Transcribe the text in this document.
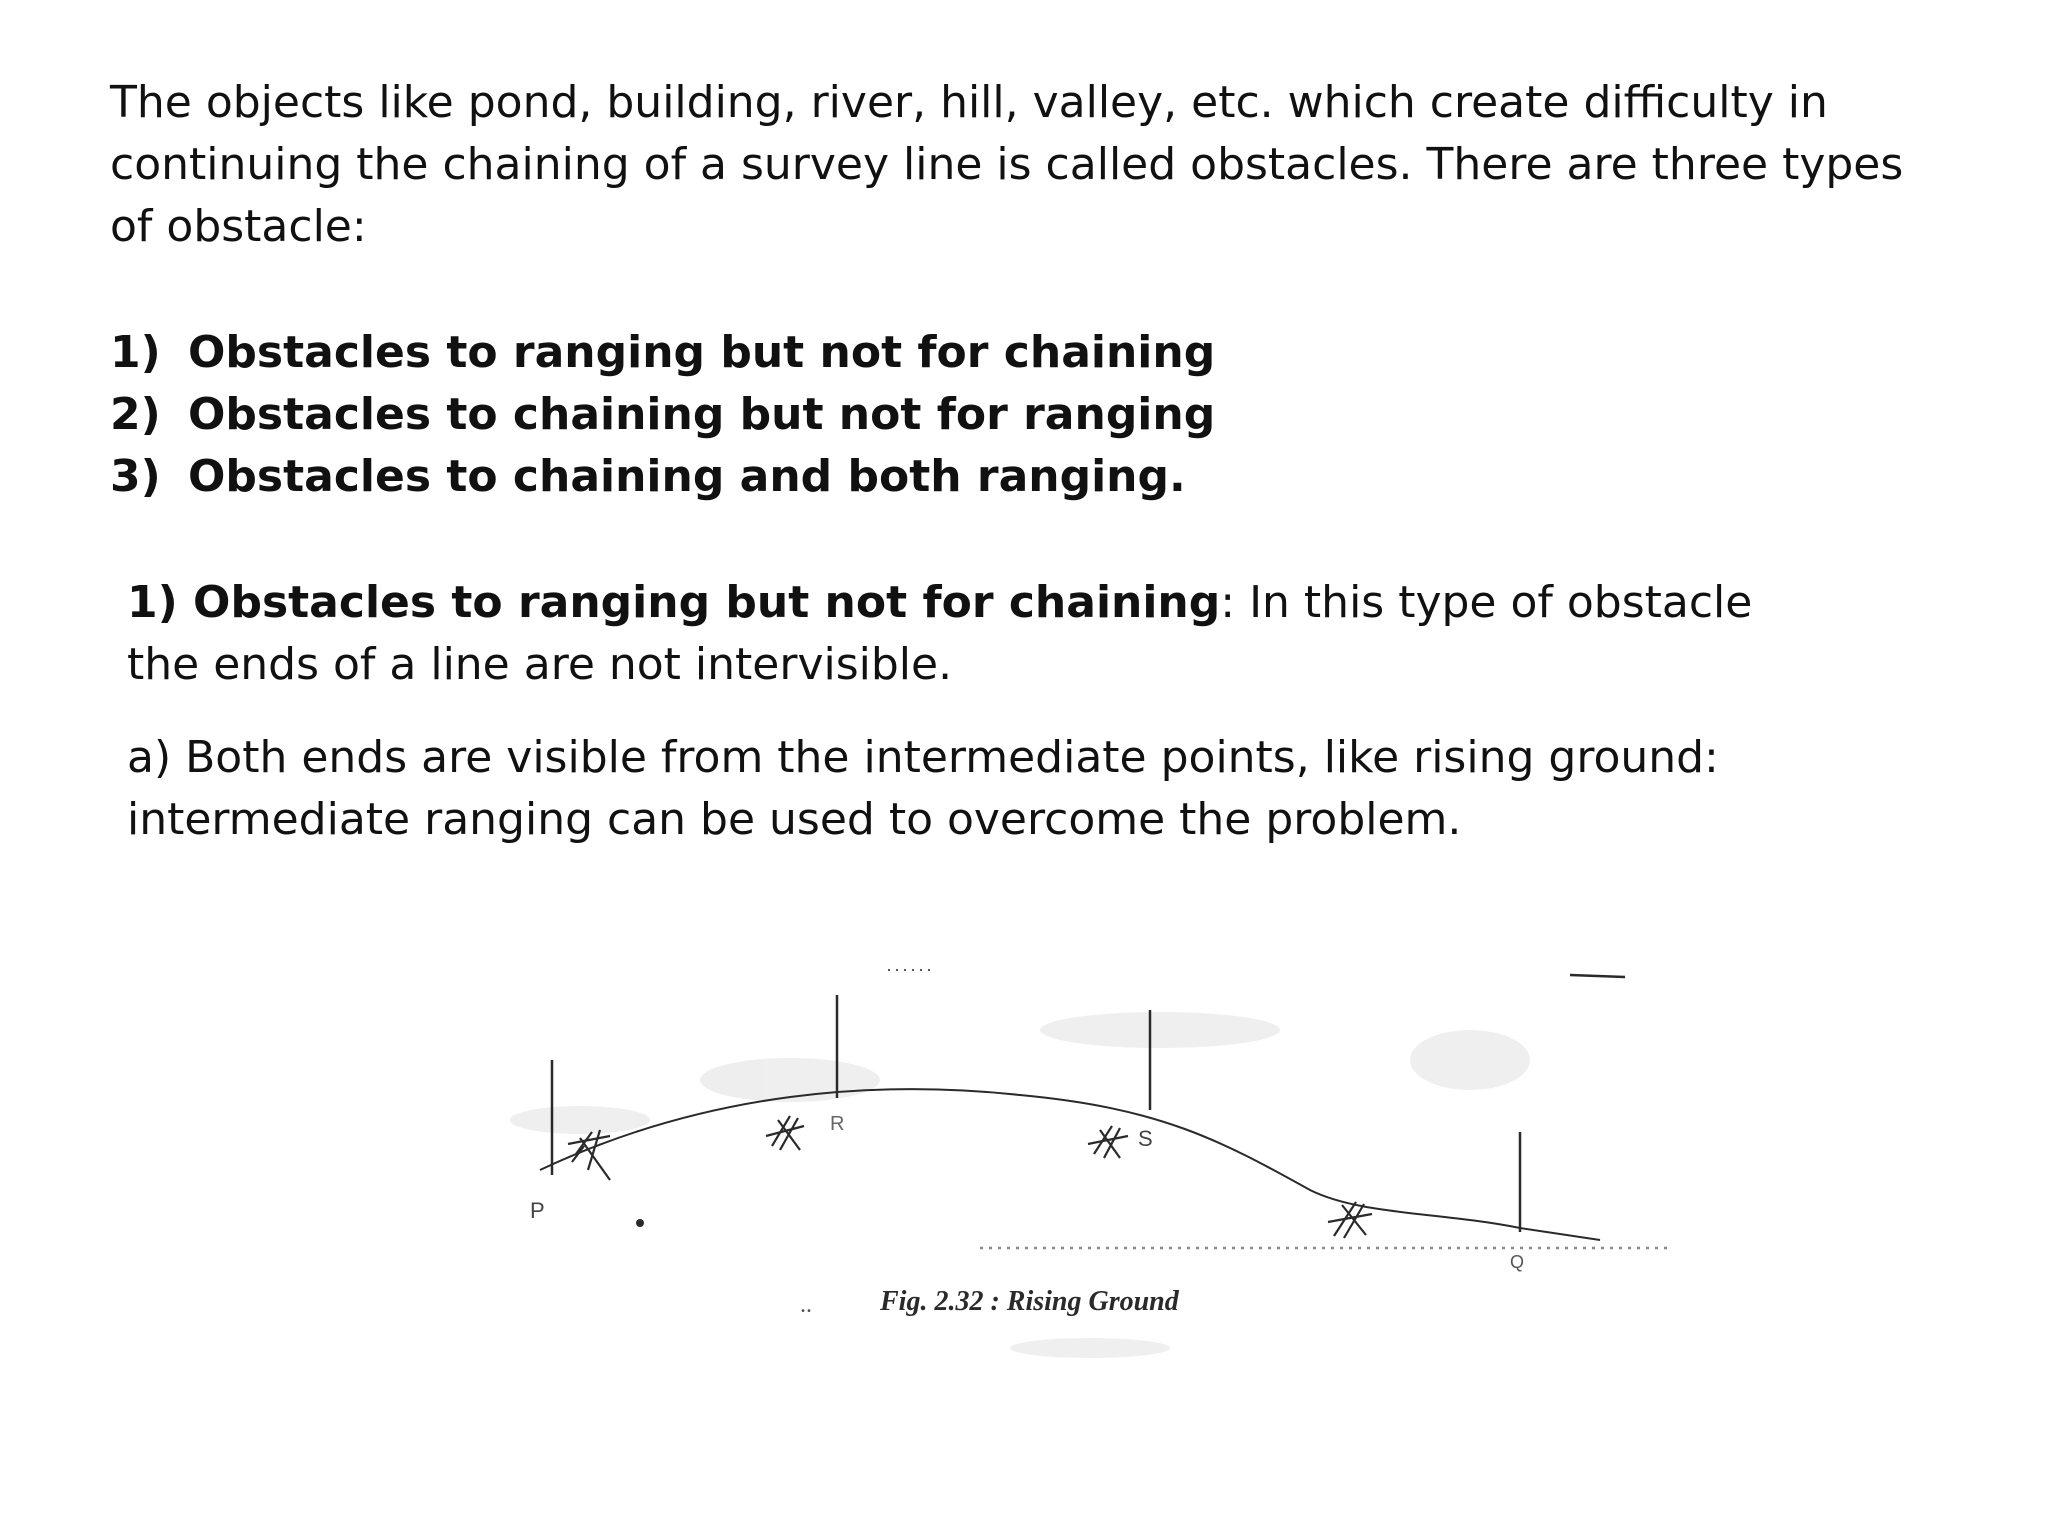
The objects like pond, building, river, hill, valley, etc. which create difficulty in continuing the chaining of a survey line is called obstacles. There are three types of obstacle:

1) Obstacles to ranging but not for chaining
2) Obstacles to chaining but not for ranging
3) Obstacles to chaining and both ranging.

1) Obstacles to ranging but not for chaining: In this type of obstacle the ends of a line are not intervisible.

a) Both ends are visible from the intermediate points, like rising ground: intermediate ranging can be used to overcome the problem.

P
R
S
Q
Fig. 2.32 : Rising Ground
..
